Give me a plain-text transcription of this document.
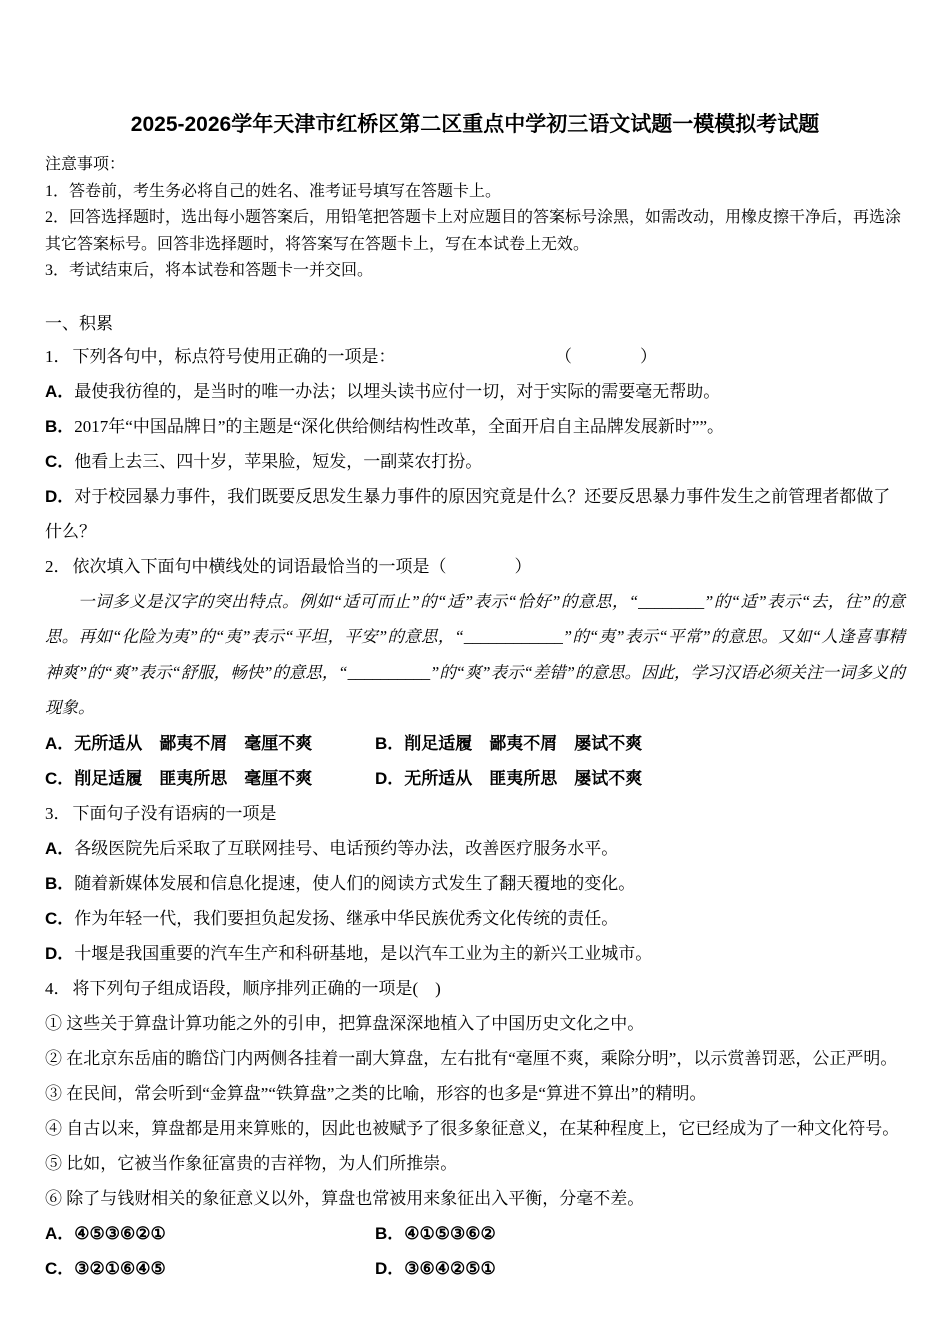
2025-2026学年天津市红桥区第二区重点中学初三语文试题一模模拟考试题

注意事项：

1．答卷前，考生务必将自己的姓名、准考证号填写在答题卡上。

2．回答选择题时，选出每小题答案后，用铅笔把答题卡上对应题目的答案标号涂黑，如需改动，用橡皮擦干净后，再选涂其它答案标号。回答非选择题时，将答案写在答题卡上，写在本试卷上无效。

3．考试结束后，将本试卷和答题卡一并交回。

一、积累

1． 下列各句中，标点符号使用正确的一项是：	（　　　　）

A．最使我彷徨的，是当时的唯一办法；以埋头读书应付一切，对于实际的需要毫无帮助。

B．2017年“中国品牌日”的主题是“深化供给侧结构性改革，全面开启自主品牌发展新时””。

C．他看上去三、四十岁，苹果脸，短发，一副菜农打扮。

D．对于校园暴力事件，我们既要反思发生暴力事件的原因究竟是什么？还要反思暴力事件发生之前管理者都做了什么？

2． 依次填入下面句中横线处的词语最恰当的一项是（　　　　）

一词多义是汉字的突出特点。例如“适可而止”的“适”表示“恰好”的意思，“________”的“适”表示“去，往”的意思。再如“化险为夷”的“夷”表示“平坦，平安”的意思，“____________”的“夷”表示“平常”的意思。又如“人逢喜事精神爽”的“爽”表示“舒服，畅快”的意思，“__________”的“爽”表示“差错”的意思。因此，学习汉语必须关注一词多义的现象。

A．无所适从　鄙夷不屑　毫厘不爽	B．削足适履　鄙夷不屑　屡试不爽

C．削足适履　匪夷所思　毫厘不爽	D．无所适从　匪夷所思　屡试不爽

3． 下面句子没有语病的一项是

A．各级医院先后采取了互联网挂号、电话预约等办法，改善医疗服务水平。

B．随着新媒体发展和信息化提速，使人们的阅读方式发生了翻天覆地的变化。

C．作为年轻一代，我们要担负起发扬、继承中华民族优秀文化传统的责任。

D．十堰是我国重要的汽车生产和科研基地，是以汽车工业为主的新兴工业城市。

4． 将下列句子组成语段，顺序排列正确的一项是(　)

① 这些关于算盘计算功能之外的引申，把算盘深深地植入了中国历史文化之中。

② 在北京东岳庙的瞻岱门内两侧各挂着一副大算盘，左右批有“毫厘不爽，乘除分明”，以示赏善罚恶，公正严明。

③ 在民间，常会听到“金算盘”“铁算盘”之类的比喻，形容的也多是“算进不算出”的精明。

④ 自古以来，算盘都是用来算账的，因此也被赋予了很多象征意义，在某种程度上，它已经成为了一种文化符号。

⑤ 比如，它被当作象征富贵的吉祥物，为人们所推崇。

⑥ 除了与钱财相关的象征意义以外，算盘也常被用来象征出入平衡，分毫不差。

A．④⑤③⑥②①	B．④①⑤③⑥②

C．③②①⑥④⑤	D．③⑥④②⑤①
